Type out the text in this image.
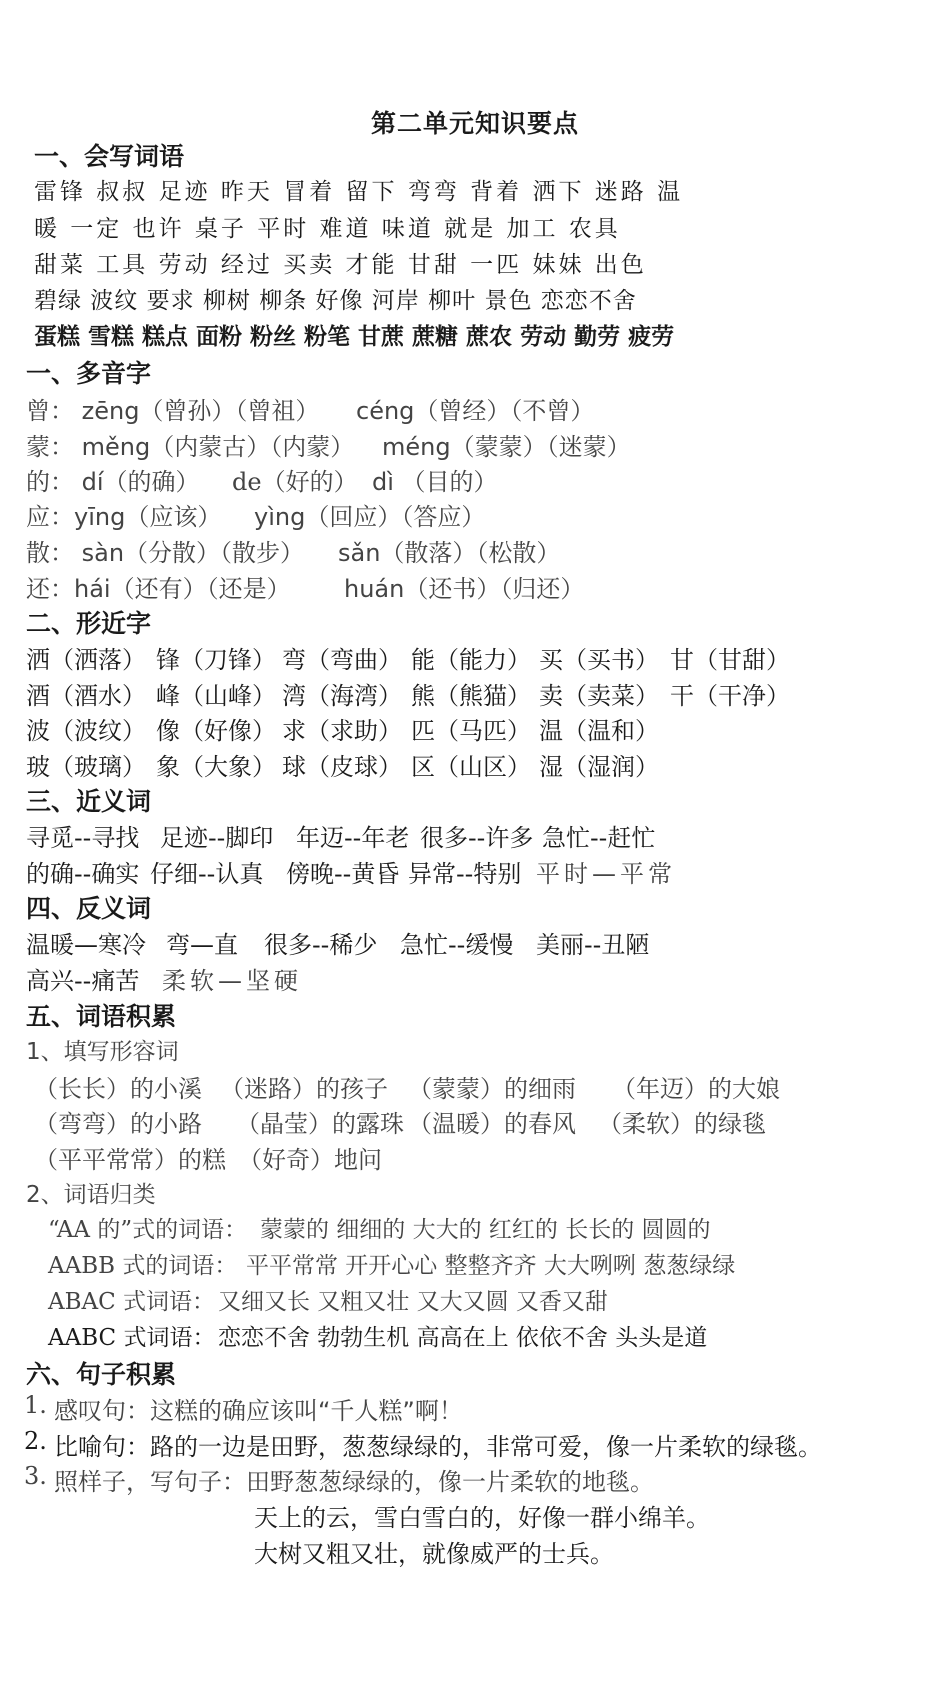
第二单元知识要点
一、会写词语
雷锋 叔叔 足迹 昨天 冒着 留下 弯弯 背着 洒下 迷路 温
暖 一定 也许 桌子 平时 难道 味道 就是 加工 农具
甜菜 工具 劳动 经过 买卖 才能 甘甜 一匹 妹妹 出色
碧绿 波纹 要求 柳树 柳条 好像 河岸 柳叶 景色 恋恋不舍
蛋糕 雪糕 糕点 面粉 粉丝 粉笔 甘蔗 蔗糖 蔗农 劳动 勤劳 疲劳
一、多音字
曾： zēng（曾孙）（曾祖） céng（曾经）（不曾）
蒙： měng（内蒙古）（内蒙） méng（蒙蒙）（迷蒙）
的： dí（的确） de（好的） dì （目的）
应：yīng（应该） yìng（回应）（答应）
散： sàn（分散）（散步） sǎn（散落）（松散）
还：hái（还有）（还是） huán（还书）（归还）
二、形近字
洒（洒落） 锋（刀锋） 弯（弯曲） 能（能力） 买（买书） 甘（甘甜）
酒（酒水） 峰（山峰） 湾（海湾） 熊（熊猫） 卖（卖菜） 干（干净）
波（波纹） 像（好像） 求（求助） 匹（马匹） 温（温和）
玻（玻璃） 象（大象） 球（皮球） 区（山区） 湿（湿润）
三、近义词
寻觅--寻找 足迹--脚印 年迈--年老 很多--许多 急忙--赶忙
的确--确实 仔细--认真 傍晚--黄昏 异常--特别 平时—平常
四、反义词
温暖—寒冷 弯—直 很多--稀少 急忙--缓慢 美丽--丑陋
高兴--痛苦 柔软—坚硬
五、词语积累
1、填写形容词
（长长）的小溪 （迷路）的孩子 （蒙蒙）的细雨 （年迈）的大娘
（弯弯）的小路 （晶莹）的露珠 （温暖）的春风 （柔软）的绿毯
（平平常常）的糕 （好奇）地问
2、词语归类
“AA 的”式的词语： 蒙蒙的 细细的 大大的 红红的 长长的 圆圆的
AABB 式的词语： 平平常常 开开心心 整整齐齐 大大咧咧 葱葱绿绿
ABAC 式词语： 又细又长 又粗又壮 又大又圆 又香又甜
AABC 式词语： 恋恋不舍 勃勃生机 高高在上 依依不舍 头头是道
六、句子积累
1. 感叹句：这糕的确应该叫“千人糕”啊！
2. 比喻句：路的一边是田野，葱葱绿绿的，非常可爱，像一片柔软的绿毯。
3. 照样子，写句子：田野葱葱绿绿的，像一片柔软的地毯。
天上的云，雪白雪白的，好像一群小绵羊。
大树又粗又壮，就像威严的士兵。
